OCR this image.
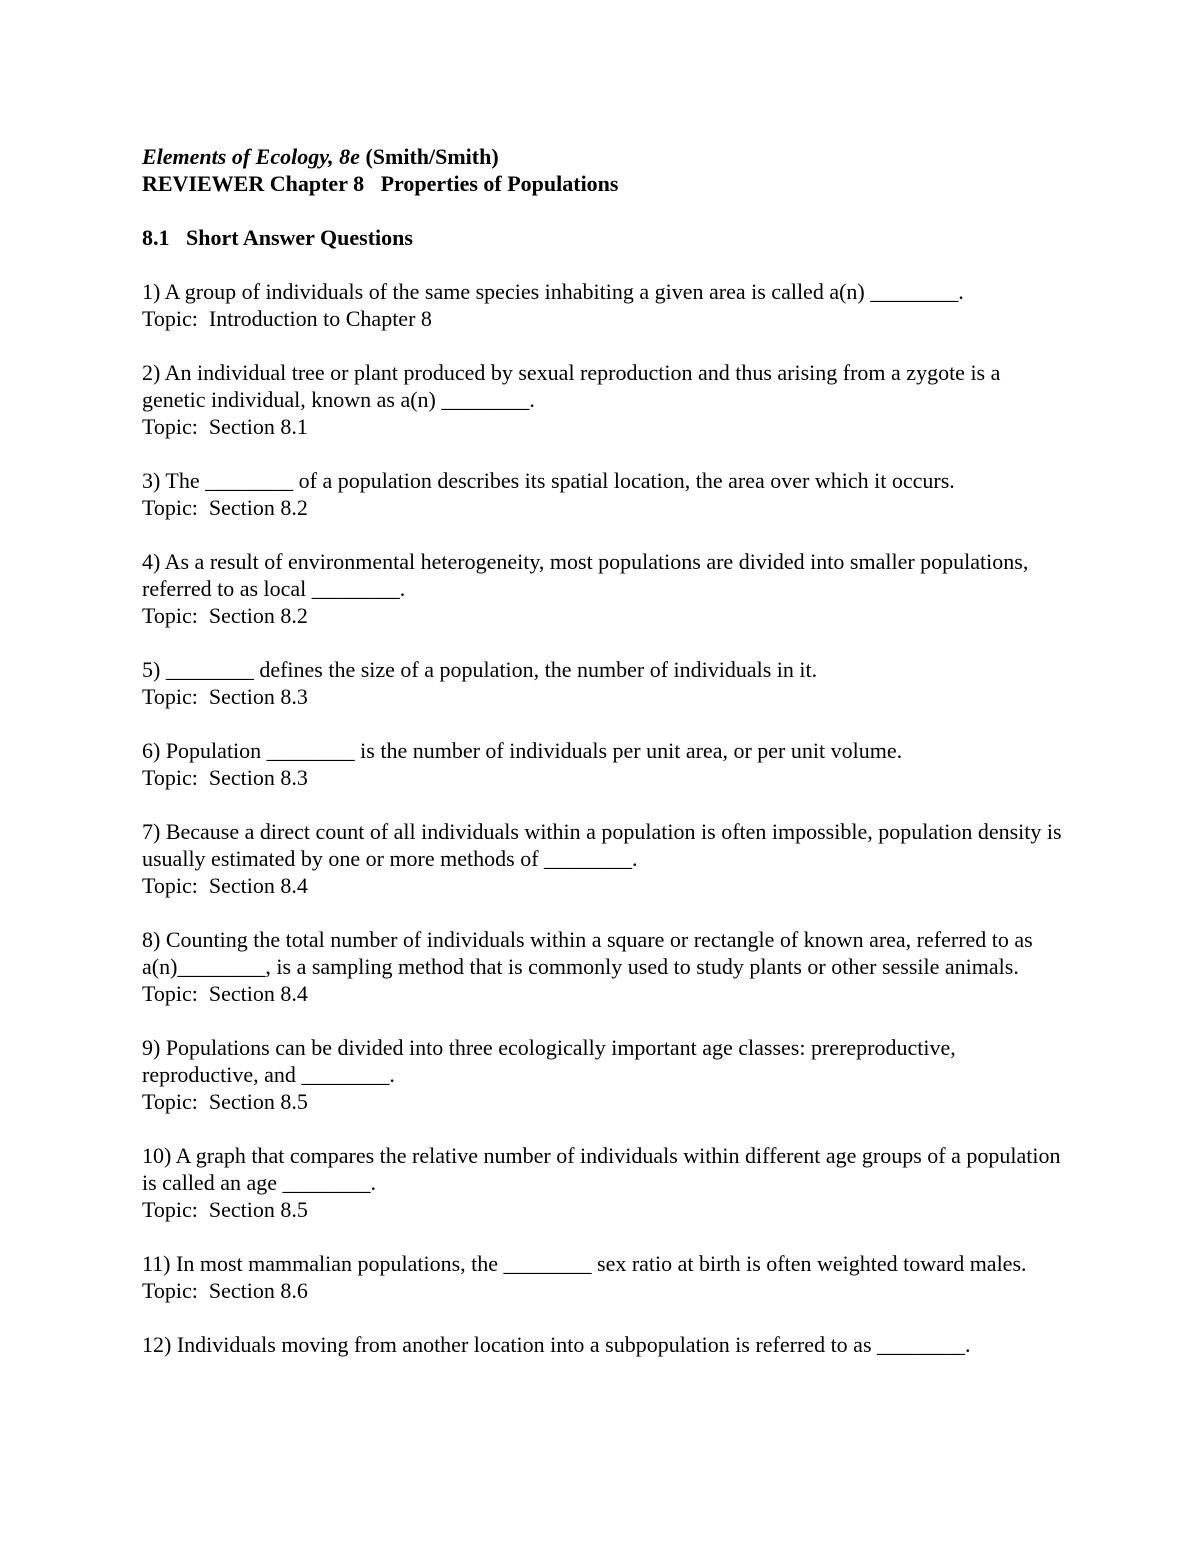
Elements of Ecology, 8e (Smith/Smith)

REVIEWER Chapter 8   Properties of Populations

8.1   Short Answer Questions

1) A group of individuals of the same species inhabiting a given area is called a(n) ________.

Topic:  Introduction to Chapter 8

2) An individual tree or plant produced by sexual reproduction and thus arising from a zygote is a genetic individual, known as a(n) ________.

Topic:  Section 8.1

3) The ________ of a population describes its spatial location, the area over which it occurs.

Topic:  Section 8.2

4) As a result of environmental heterogeneity, most populations are divided into smaller populations, referred to as local ________.

Topic:  Section 8.2

5) ________ defines the size of a population, the number of individuals in it.

Topic:  Section 8.3

6) Population ________ is the number of individuals per unit area, or per unit volume.

Topic:  Section 8.3

7) Because a direct count of all individuals within a population is often impossible, population density is usually estimated by one or more methods of ________.

Topic:  Section 8.4

8) Counting the total number of individuals within a square or rectangle of known area, referred to as a(n)________, is a sampling method that is commonly used to study plants or other sessile animals.

Topic:  Section 8.4

9) Populations can be divided into three ecologically important age classes: prereproductive, reproductive, and ________.

Topic:  Section 8.5

10) A graph that compares the relative number of individuals within different age groups of a population is called an age ________.

Topic:  Section 8.5

11) In most mammalian populations, the ________ sex ratio at birth is often weighted toward males.

Topic:  Section 8.6

12) Individuals moving from another location into a subpopulation is referred to as ________.
